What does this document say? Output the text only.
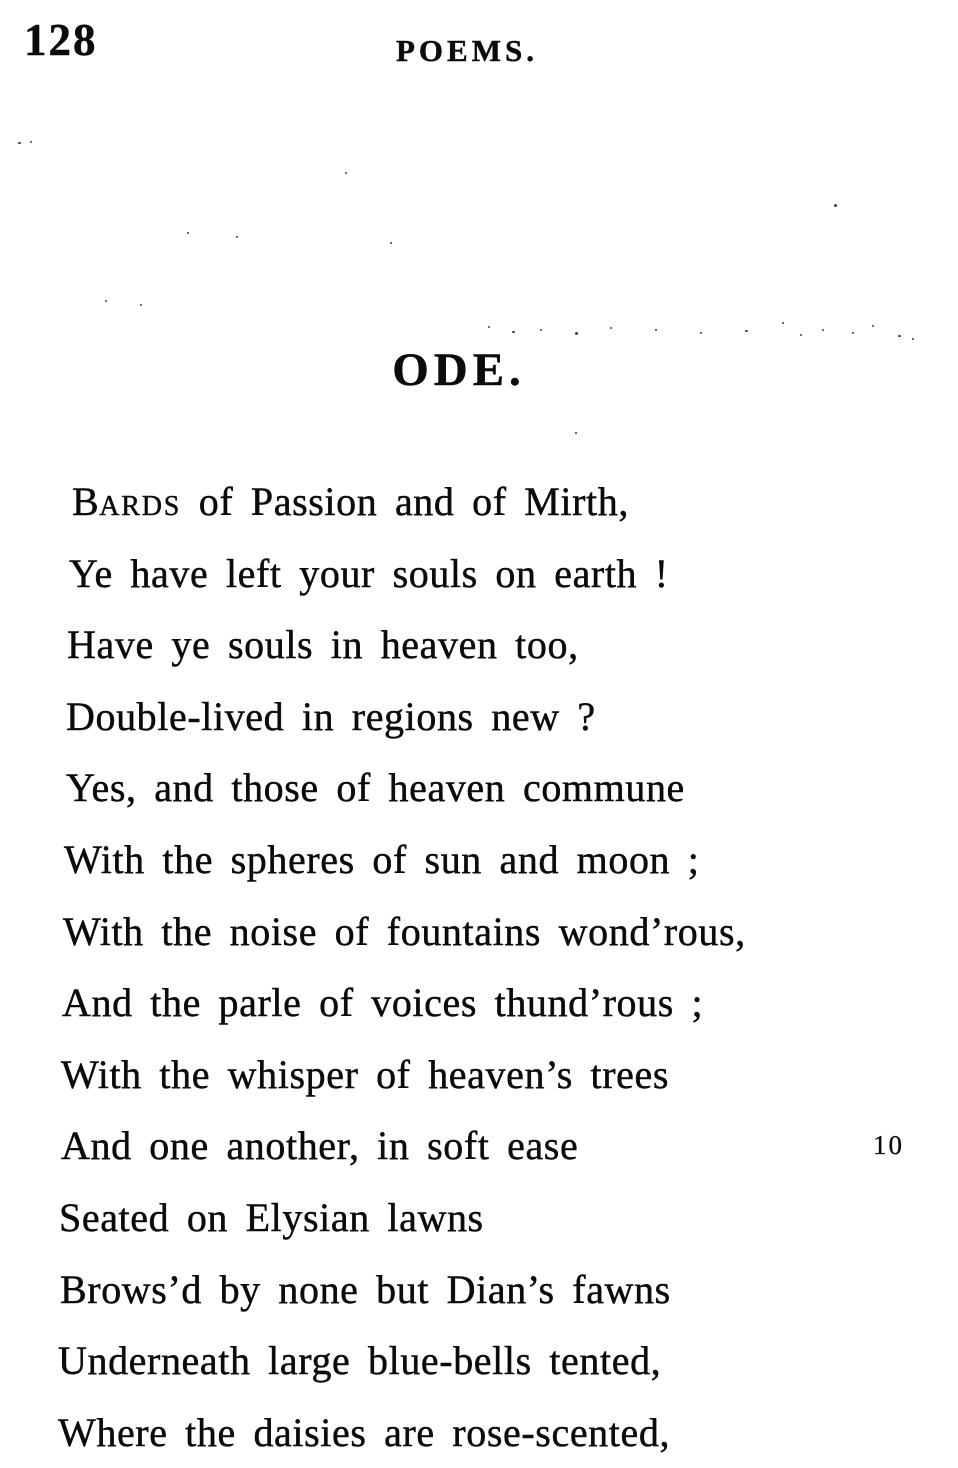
128	POEMS.
ODE.
BARDS of Passion and of Mirth,
Ye have left your souls on earth !
Have ye souls in heaven too,
Double-lived in regions new ?
Yes, and those of heaven commune
With the spheres of sun and moon ;
With the noise of fountains wond’rous,
And the parle of voices thund’rous ;
With the whisper of heaven’s trees
And one another, in soft ease	10
Seated on Elysian lawns
Brows’d by none but Dian’s fawns
Underneath large blue-bells tented,
Where the daisies are rose-scented,
